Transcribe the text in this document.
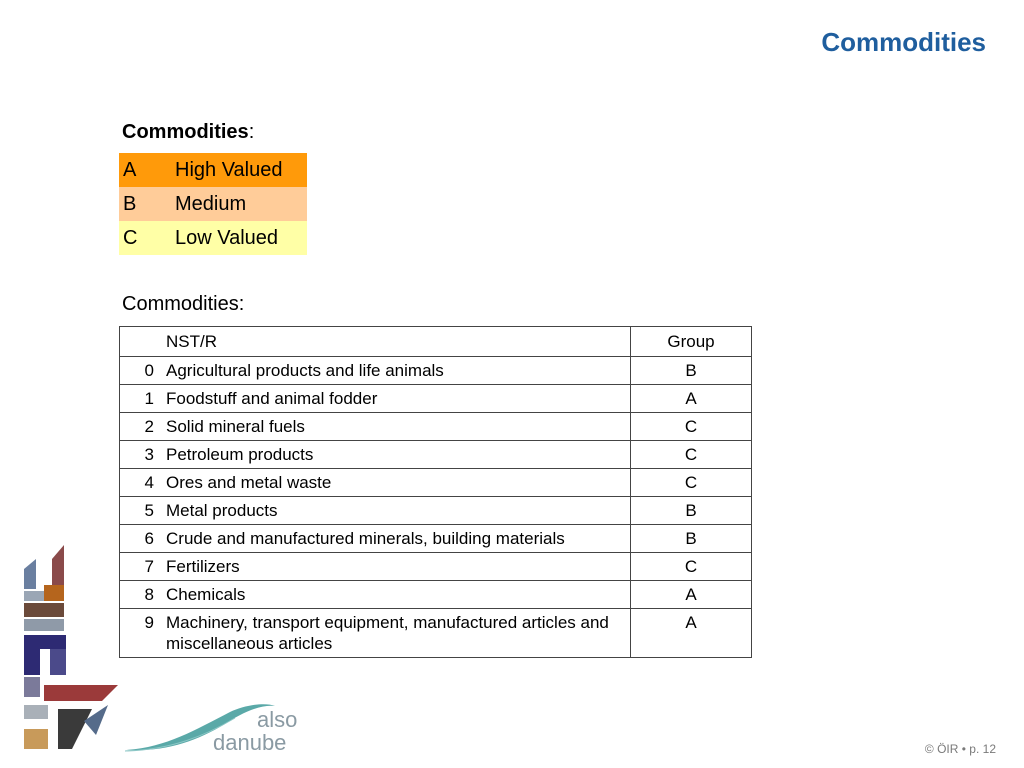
Commodities
Commodities:
A	High Valued
B	Medium
C	Low Valued
Commodities:
	NST/R	Group
0	Agricultural products and life animals	B
1	Foodstuff and animal fodder	A
2	Solid mineral fuels	C
3	Petroleum products	C
4	Ores and metal waste	C
5	Metal products	B
6	Crude and manufactured minerals, building materials	B
7	Fertilizers	C
8	Chemicals	A
9	Machinery, transport equipment, manufactured articles and miscellaneous articles	A
also
danube	© ÖIR • p. 12
